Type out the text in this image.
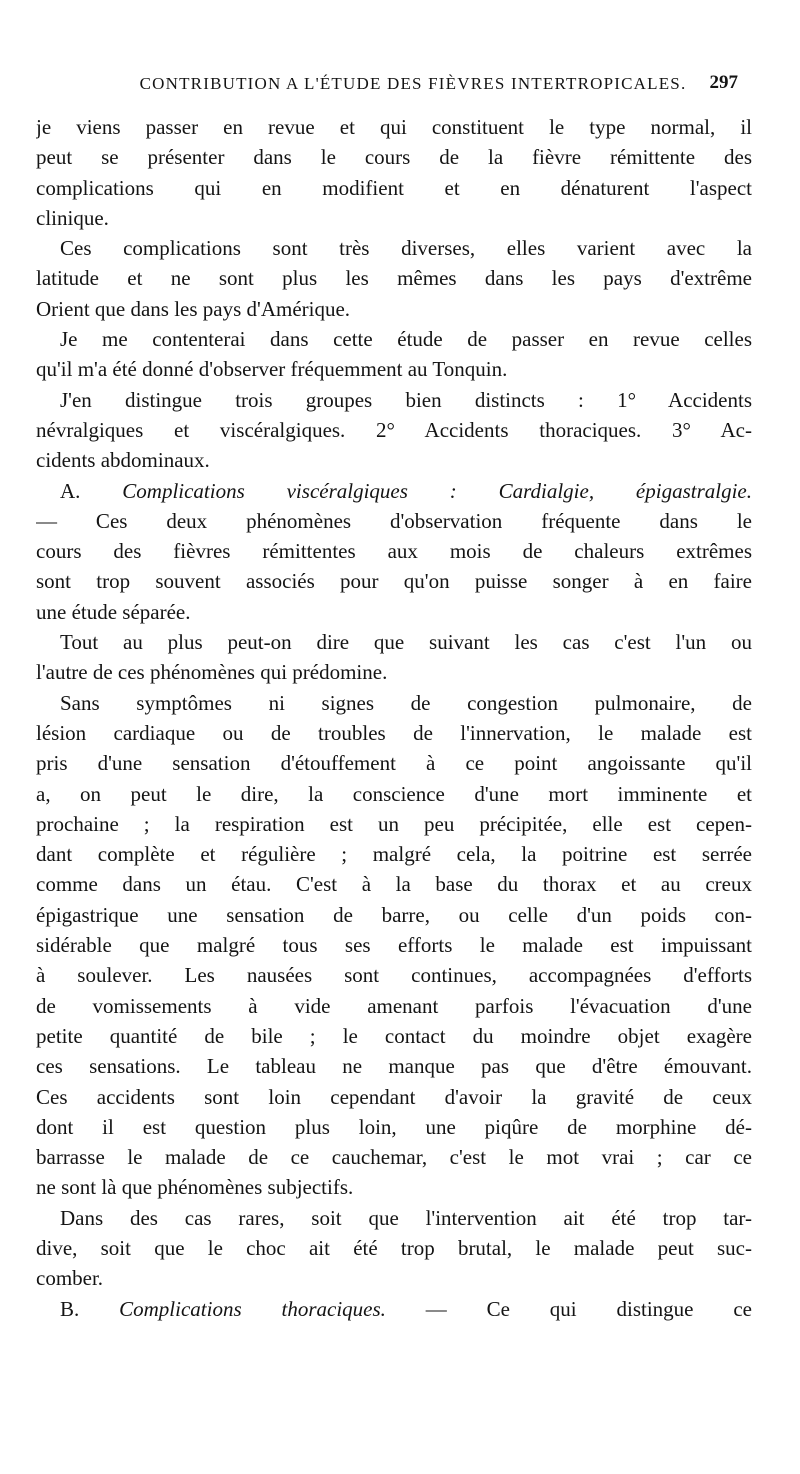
CONTRIBUTION A L'ÉTUDE DES FIÈVRES INTERTROPICALES.	297
je viens passer en revue et qui constituent le type normal, il
peut se présenter dans le cours de la fièvre rémittente des
complications qui en modifient et en dénaturent l'aspect
clinique.
Ces complications sont très diverses, elles varient avec la
latitude et ne sont plus les mêmes dans les pays d'extrême
Orient que dans les pays d'Amérique.
Je me contenterai dans cette étude de passer en revue celles
qu'il m'a été donné d'observer fréquemment au Tonquin.
J'en distingue trois groupes bien distincts : 1° Accidents
névralgiques et viscéralgiques. 2° Accidents thoraciques. 3° Ac-
cidents abdominaux.
A. Complications viscéralgiques : Cardialgie, épigastralgie.
— Ces deux phénomènes d'observation fréquente dans le
cours des fièvres rémittentes aux mois de chaleurs extrêmes
sont trop souvent associés pour qu'on puisse songer à en faire
une étude séparée.
Tout au plus peut-on dire que suivant les cas c'est l'un ou
l'autre de ces phénomènes qui prédomine.
Sans symptômes ni signes de congestion pulmonaire, de
lésion cardiaque ou de troubles de l'innervation, le malade est
pris d'une sensation d'étouffement à ce point angoissante qu'il
a, on peut le dire, la conscience d'une mort imminente et
prochaine ; la respiration est un peu précipitée, elle est cepen-
dant complète et régulière ; malgré cela, la poitrine est serrée
comme dans un étau. C'est à la base du thorax et au creux
épigastrique une sensation de barre, ou celle d'un poids con-
sidérable que malgré tous ses efforts le malade est impuissant
à soulever. Les nausées sont continues, accompagnées d'efforts
de vomissements à vide amenant parfois l'évacuation d'une
petite quantité de bile ; le contact du moindre objet exagère
ces sensations. Le tableau ne manque pas que d'être émouvant.
Ces accidents sont loin cependant d'avoir la gravité de ceux
dont il est question plus loin, une piqûre de morphine dé-
barrasse le malade de ce cauchemar, c'est le mot vrai ; car ce
ne sont là que phénomènes subjectifs.
Dans des cas rares, soit que l'intervention ait été trop tar-
dive, soit que le choc ait été trop brutal, le malade peut suc-
comber.
B. Complications thoraciques. — Ce qui distingue ce
